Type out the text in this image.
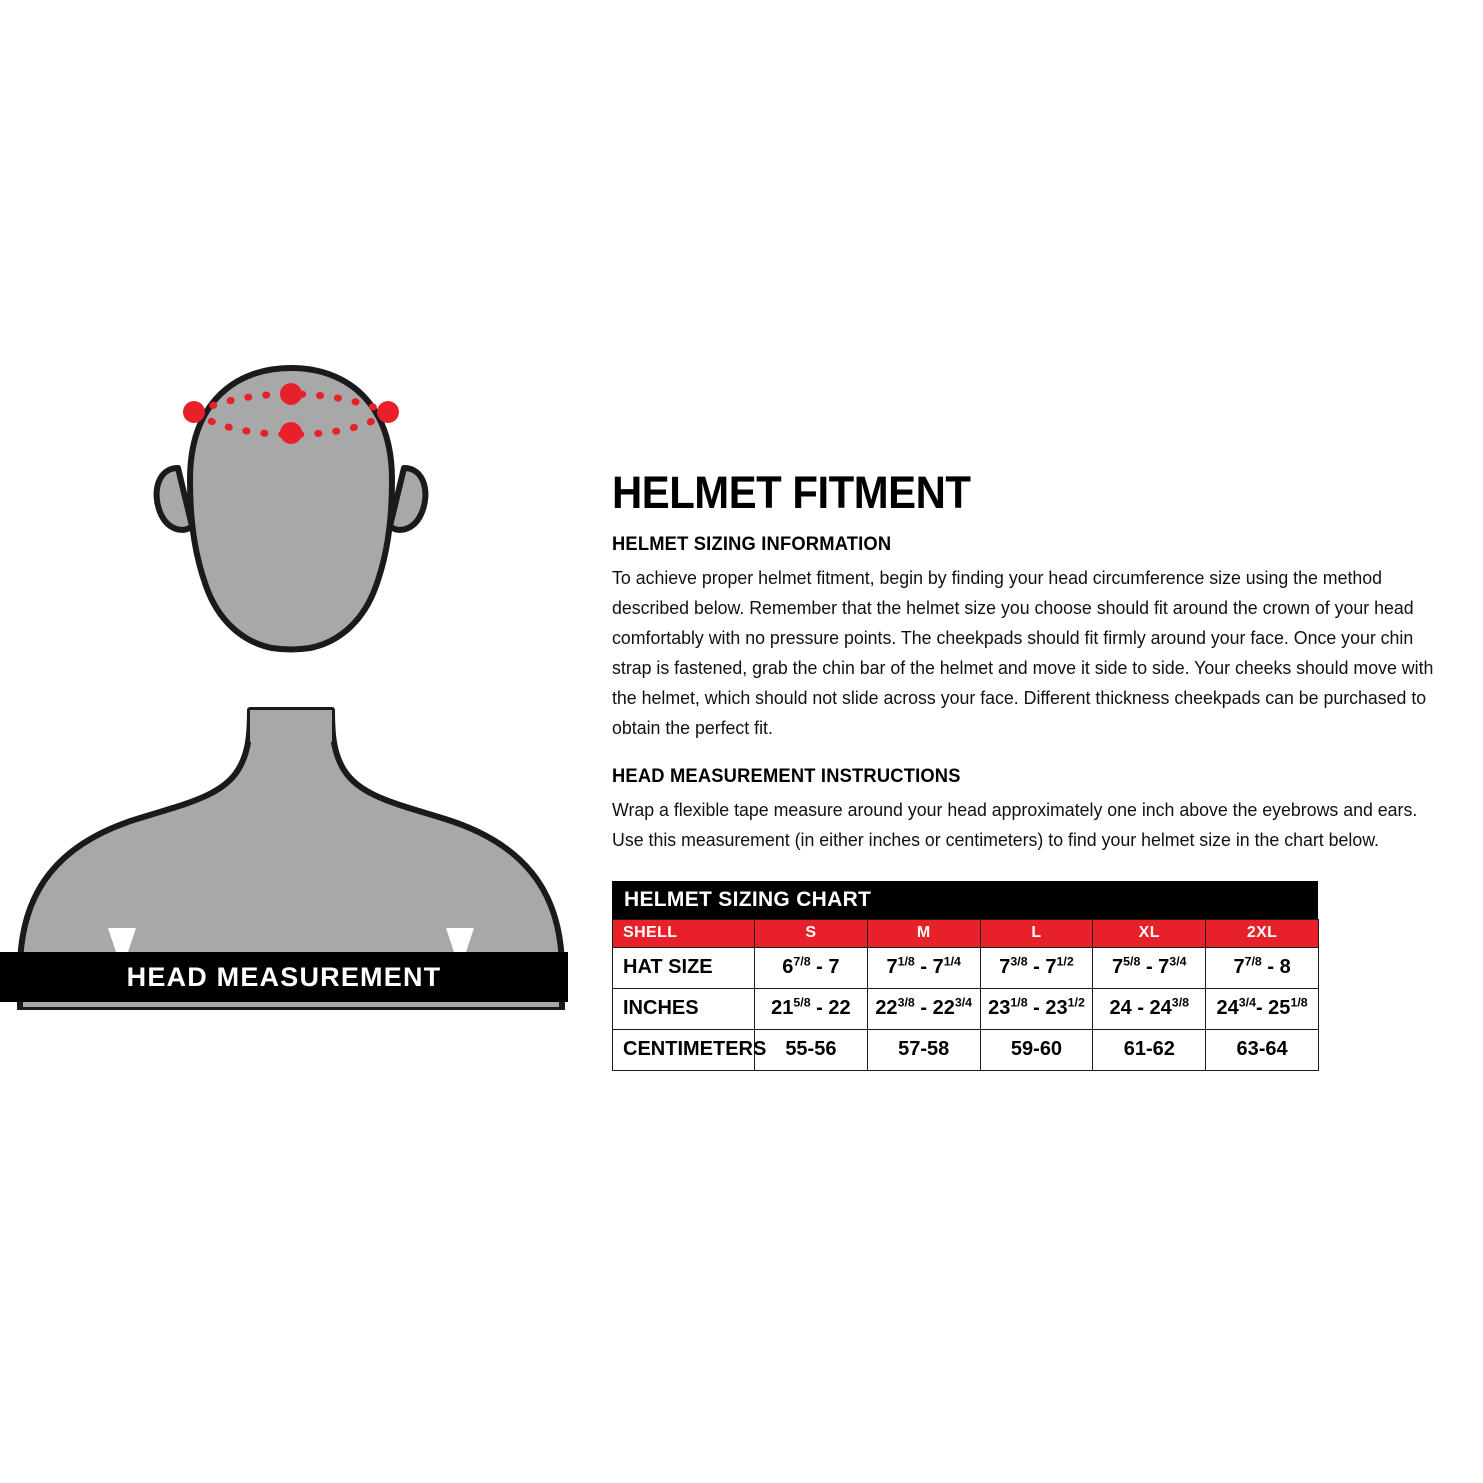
HEAD MEASUREMENT
HELMET FITMENT
HELMET SIZING INFORMATION

To achieve proper helmet fitment, begin by finding your head circumference size using the method described below. Remember that the helmet size you choose should fit around the crown of your head comfortably with no pressure points. The cheekpads should fit firmly around your face. Once your chin strap is fastened, grab the chin bar of the helmet and move it side to side. Your cheeks should move with the helmet, which should not slide across your face. Different thickness cheekpads can be purchased to obtain the perfect fit.

HEAD MEASUREMENT INSTRUCTIONS

Wrap a flexible tape measure around your head approximately one inch above the eyebrows and ears. Use this measurement (in either inches or centimeters) to find your helmet size in the chart below.

HELMET SIZING CHART
SHELL	S	M	L	XL	2XL
HAT SIZE	$6^{7/8} - 7$	$7^{1/8} - 7^{1/4}$	$7^{3/8} - 7^{1/2}$	$7^{5/8} - 7^{3/4}$	$7^{7/8} - 8$
INCHES	$21^{5/8} - 22$	$22^{3/8} - 22^{3/4}$	$23^{1/8} - 23^{1/2}$	$24 - 24^{3/8}$	$24^{3/4}-$ $25^{1/8}$
CENTIMETERS	55-56	57-58	59-60	61-62	63-64
